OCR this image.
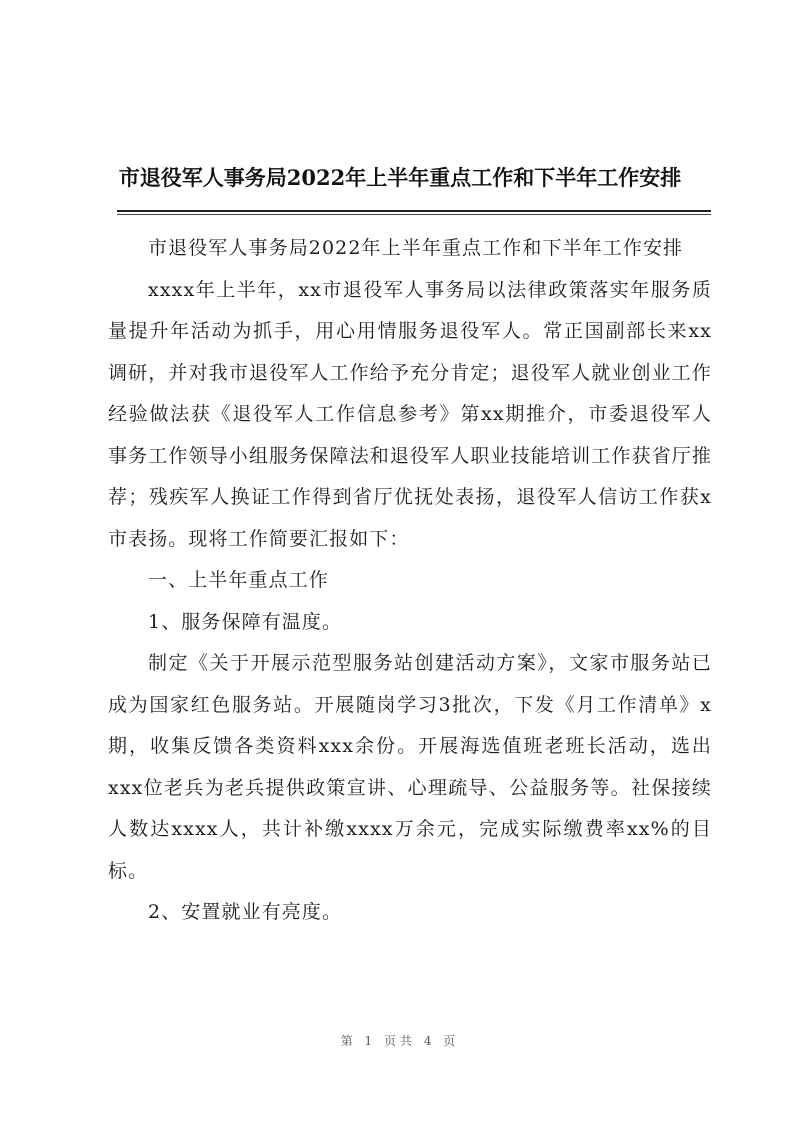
市退役军人事务局2022年上半年重点工作和下半年工作安排

市退役军人事务局2022年上半年重点工作和下半年工作安排

xxxx年上半年，xx市退役军人事务局以法律政策落实年服务质量提升年活动为抓手，用心用情服务退役军人。常正国副部长来xx调研，并对我市退役军人工作给予充分肯定；退役军人就业创业工作经验做法获《退役军人工作信息参考》第xx期推介，市委退役军人事务工作领导小组服务保障法和退役军人职业技能培训工作获省厅推荐；残疾军人换证工作得到省厅优抚处表扬，退役军人信访工作获x市表扬。现将工作简要汇报如下：

一、上半年重点工作

1、服务保障有温度。

制定《关于开展示范型服务站创建活动方案》，文家市服务站已成为国家红色服务站。开展随岗学习3批次，下发《月工作清单》x期，收集反馈各类资料xxx余份。开展海选值班老班长活动，选出xxx位老兵为老兵提供政策宣讲、心理疏导、公益服务等。社保接续人数达xxxx人，共计补缴xxxx万余元，完成实际缴费率xx%的目标。

2、安置就业有亮度。

第 1 页共 4 页
